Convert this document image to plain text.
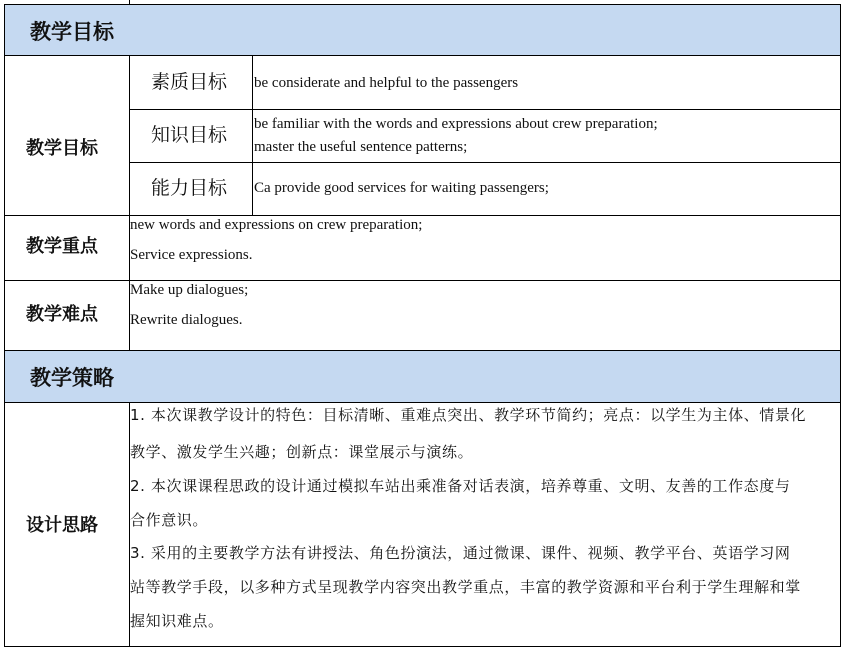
教学目标
教学策略
教学目标
素质目标 be considerate and helpful to the passengers
知识目标 be familiar with the words and expressions about crew preparation;
master the useful sentence patterns;
能力目标 Ca provide good services for waiting passengers;
教学重点
new words and expressions on crew preparation;
Service expressions.
教学难点
Make up dialogues;
Rewrite dialogues.
设计思路
1. 本次课教学设计的特色：目标清晰、重难点突出、教学环节简约；亮点：以学生为主体、情景化
教学、激发学生兴趣；创新点：课堂展示与演练。
2. 本次课课程思政的设计通过模拟车站出乘准备对话表演，培养尊重、文明、友善的工作态度与
合作意识。
3. 采用的主要教学方法有讲授法、角色扮演法，通过微课、课件、视频、教学平台、英语学习网
站等教学手段，以多种方式呈现教学内容突出教学重点，丰富的教学资源和平台利于学生理解和掌
握知识难点。
